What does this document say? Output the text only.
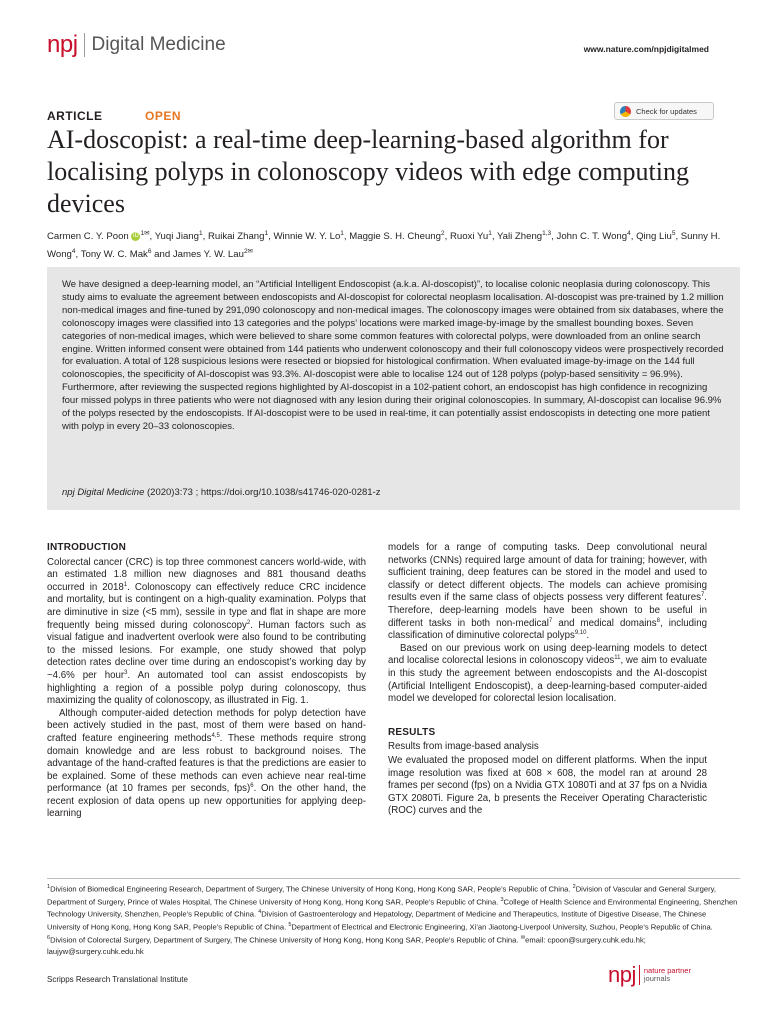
npj Digital Medicine	www.nature.com/npjdigitalmed
ARTICLE	OPEN	Check for updates
AI-doscopist: a real-time deep-learning-based algorithm for localising polyps in colonoscopy videos with edge computing devices
Carmen C. Y. Poon iD $^{1✉}$, Yuqi Jiang$^1$, Ruikai Zhang$^1$, Winnie W. Y. Lo$^1$, Maggie S. H. Cheung$^2$, Ruoxi Yu$^1$, Yali Zheng$^{1,3}$, John C. T. Wong$^4$, Qing Liu$^5$, Sunny H. Wong$^4$, Tony W. C. Mak$^6$ and James Y. W. Lau$^{2✉}$
We have designed a deep-learning model, an “Artificial Intelligent Endoscopist (a.k.a. AI-doscopist)”, to localise colonic neoplasia during colonoscopy. This study aims to evaluate the agreement between endoscopists and AI-doscopist for colorectal neoplasm localisation. AI-doscopist was pre-trained by 1.2 million non-medical images and fine-tuned by 291,090 colonoscopy and non-medical images. The colonoscopy images were obtained from six databases, where the colonoscopy images were classified into 13 categories and the polyps’ locations were marked image-by-image by the smallest bounding boxes. Seven categories of non-medical images, which were believed to share some common features with colorectal polyps, were downloaded from an online search engine. Written informed consent were obtained from 144 patients who underwent colonoscopy and their full colonoscopy videos were prospectively recorded for evaluation. A total of 128 suspicious lesions were resected or biopsied for histological confirmation. When evaluated image-by-image on the 144 full colonoscopies, the specificity of AI-doscopist was 93.3%. AI-doscopist were able to localise 124 out of 128 polyps (polyp-based sensitivity = 96.9%). Furthermore, after reviewing the suspected regions highlighted by AI-doscopist in a 102-patient cohort, an endoscopist has high confidence in recognizing four missed polyps in three patients who were not diagnosed with any lesion during their original colonoscopies. In summary, AI-doscopist can localise 96.9% of the polyps resected by the endoscopists. If AI-doscopist were to be used in real-time, it can potentially assist endoscopists in detecting one more patient with polyp in every 20–33 colonoscopies.
npj Digital Medicine (2020)3:73 ; https://doi.org/10.1038/s41746-020-0281-z
INTRODUCTION

Colorectal cancer (CRC) is top three commonest cancers world-wide, with an estimated 1.8 million new diagnoses and 881 thousand deaths occurred in 2018$^1$. Colonoscopy can effectively reduce CRC incidence and mortality, but is contingent on a high-quality examination. Polyps that are diminutive in size (<5 mm), sessile in type and flat in shape are more frequently being missed during colonoscopy$^2$. Human factors such as visual fatigue and inadvertent overlook were also found to be contributing to the missed lesions. For example, one study showed that polyp detection rates decline over time during an endoscopist’s working day by ~4.6% per hour$^3$. An automated tool can assist endoscopists by highlighting a region of a possible polyp during colonoscopy, thus maximizing the quality of colonoscopy, as illustrated in Fig. 1.

Although computer-aided detection methods for polyp detection have been actively studied in the past, most of them were based on hand-crafted feature engineering methods$^{4,5}$. These methods require strong domain knowledge and are less robust to background noises. The advantage of the hand-crafted features is that the predictions are easier to be explained. Some of these methods can even achieve near real-time performance (at 10 frames per seconds, fps)$^6$. On the other hand, the recent explosion of data opens up new opportunities for applying deep-learning

models for a range of computing tasks. Deep convolutional neural networks (CNNs) required large amount of data for training; however, with sufficient training, deep features can be stored in the model and used to classify or detect different objects. The models can achieve promising results even if the same class of objects possess very different features$^7$. Therefore, deep-learning models have been shown to be useful in different tasks in both non-medical$^7$ and medical domains$^8$, including classification of diminutive colorectal polyps$^{9,10}$.

Based on our previous work on using deep-learning models to detect and localise colorectal lesions in colonoscopy videos$^{11}$, we aim to evaluate in this study the agreement between endoscopists and the AI-doscopist (Artificial Intelligent Endoscopist), a deep-learning-based computer-aided model we developed for colorectal lesion localisation.

RESULTS
Results from image-based analysis

We evaluated the proposed model on different platforms. When the input image resolution was fixed at 608 × 608, the model ran at around 28 frames per second (fps) on a Nvidia GTX 1080Ti and at 37 fps on a Nvidia GTX 2080Ti. Figure 2a, b presents the Receiver Operating Characteristic (ROC) curves and the

$^1$Division of Biomedical Engineering Research, Department of Surgery, The Chinese University of Hong Kong, Hong Kong SAR, People’s Republic of China. $^2$Division of Vascular and General Surgery, Department of Surgery, Prince of Wales Hospital, The Chinese University of Hong Kong, Hong Kong SAR, People’s Republic of China. $^3$College of Health Science and Environmental Engineering, Shenzhen Technology University, Shenzhen, People’s Republic of China. $^4$Division of Gastroenterology and Hepatology, Department of Medicine and Therapeutics, Institute of Digestive Disease, The Chinese University of Hong Kong, Hong Kong SAR, People’s Republic of China. $^5$Department of Electrical and Electronic Engineering, Xi’an Jiaotong-Liverpool University, Suzhou, People’s Republic of China. $^6$Division of Colorectal Surgery, Department of Surgery, The Chinese University of Hong Kong, Hong Kong SAR, People’s Republic of China. ✉email: cpoon@surgery.cuhk.edu.hk; laujyw@surgery.cuhk.edu.hk
Scripps Research Translational Institute	npj nature partner
journals
